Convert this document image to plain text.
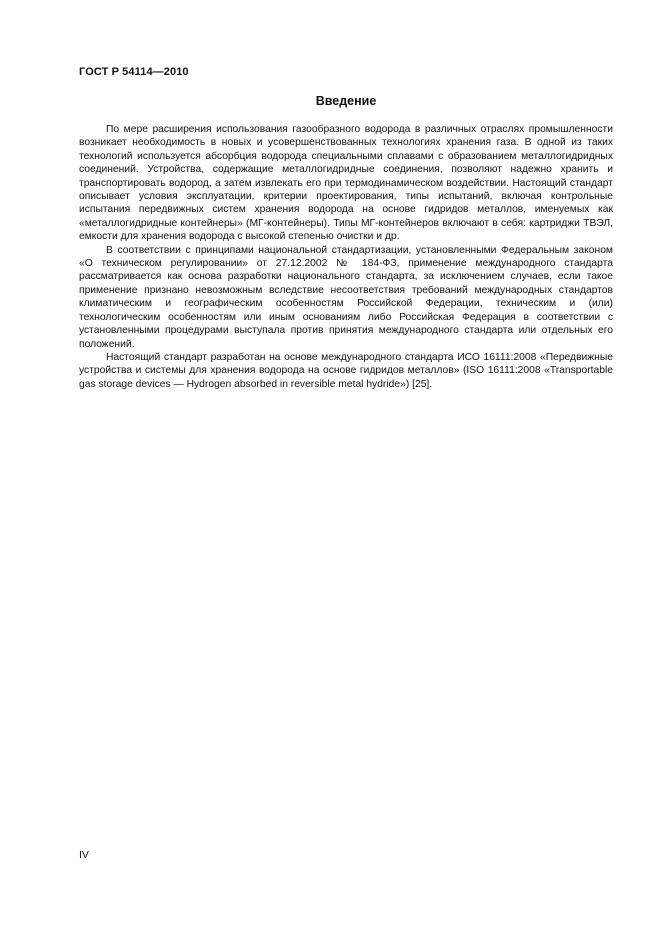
ГОСТ Р 54114—2010
Введение

По мере расширения использования газообразного водорода в различных отраслях промышленности возникает необходимость в новых и усовершенствованных технологиях хранения газа. В одной из таких технологий используется абсорбция водорода специальными сплавами с образованием металлогидридных соединений. Устройства, содержащие металлогидридные соединения, позволяют надежно хранить и транспортировать водород, а затем извлекать его при термодинамическом воздействии. Настоящий стандарт описывает условия эксплуатации, критерии проектирования, типы испытаний, включая контрольные испытания передвижных систем хранения водорода на основе гидридов металлов, именуемых как «металлогидридные контейнеры» (МГ-контейнеры). Типы МГ-контейнеров включают в себя: картриджи ТВЭЛ, емкости для хранения водорода с высокой степенью очистки и др.

В соответствии с принципами национальной стандартизации, установленными Федеральным законом «О техническом регулировании» от 27.12.2002 № 184-ФЗ, применение международного стандарта рассматривается как основа разработки национального стандарта, за исключением случаев, если такое применение признано невозможным вследствие несоответствия требований международных стандартов климатическим и географическим особенностям Российской Федерации, техническим и (или) технологическим особенностям или иным основаниям либо Российская Федерация в соответствии с установленными процедурами выступала против принятия международного стандарта или отдельных его положений.

Настоящий стандарт разработан на основе международного стандарта ИСО 16111:2008 «Передвижные устройства и системы для хранения водорода на основе гидридов металлов» (ISO 16111:2008 «Transportable gas storage devices — Hydrogen absorbed in reversible metal hydride») [25].

IV
